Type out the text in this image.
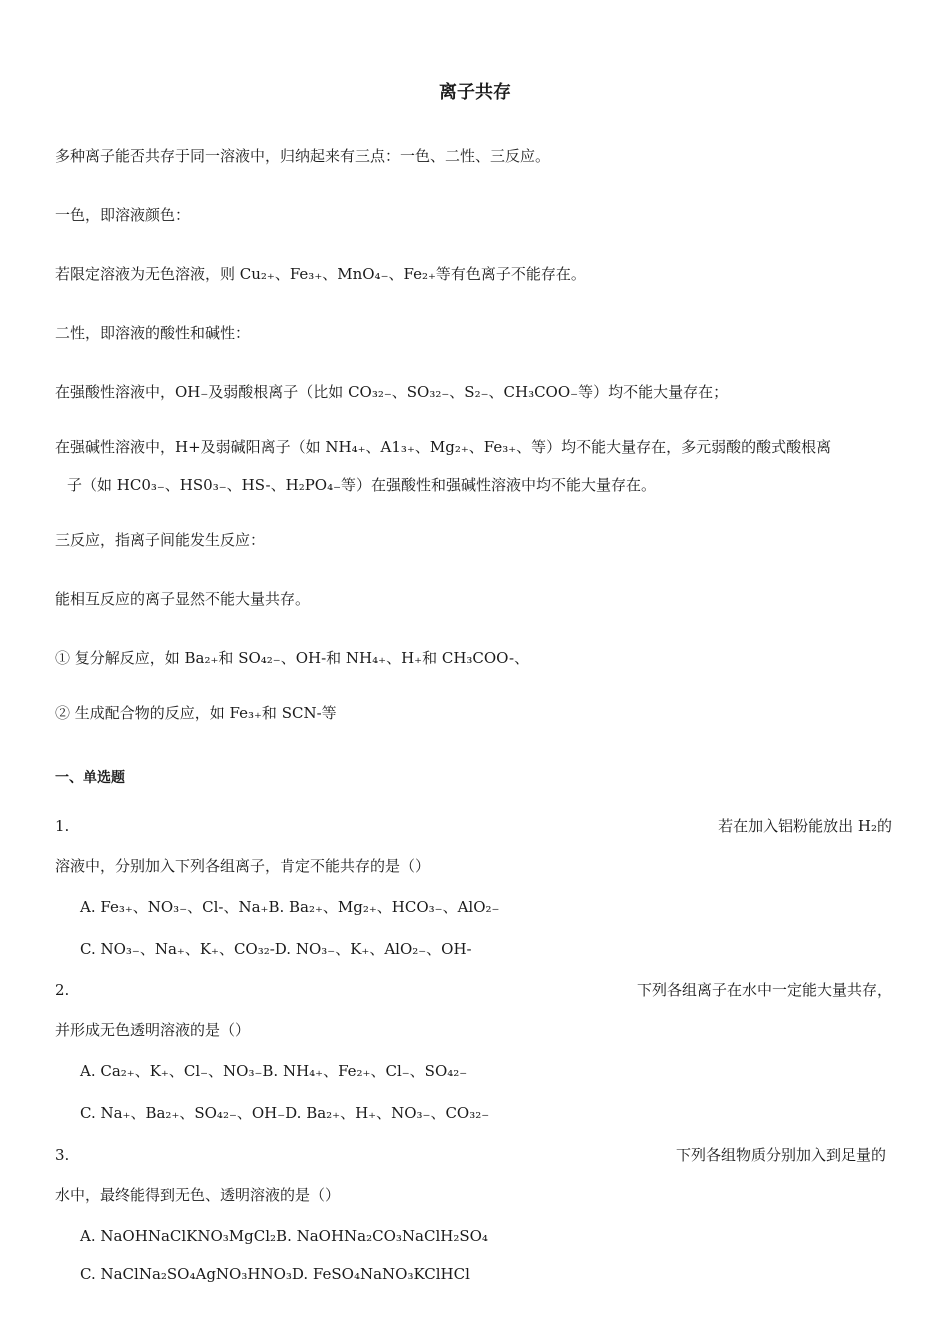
离子共存
多种离子能否共存于同一溶液中，归纳起来有三点：一色、二性、三反应。
一色，即溶液颜色：
若限定溶液为无色溶液，则 Cu₂₊、Fe₃₊、MnO₄₋、Fe₂₊等有色离子不能存在。
二性，即溶液的酸性和碱性：
在强酸性溶液中，OH₋及弱酸根离子（比如 CO₃₂₋、SO₃₂₋、S₂₋、CH₃COO₋等）均不能大量存在；
在强碱性溶液中，H+及弱碱阳离子（如 NH₄₊、A1₃₊、Mg₂₊、Fe₃₊、等）均不能大量存在，多元弱酸的酸式酸根离
子（如 HC0₃₋、HS0₃₋、HS-、H₂PO₄₋等）在强酸性和强碱性溶液中均不能大量存在。
三反应，指离子间能发生反应：
能相互反应的离子显然不能大量共存。
① 复分解反应，如 Ba₂₊和 SO₄₂₋、OH-和 NH₄₊、H₊和 CH₃COO-、
② 生成配合物的反应，如 Fe₃₊和 SCN-等
一、单选题
1.	若在加入铝粉能放出 H₂的
溶液中，分别加入下列各组离子，肯定不能共存的是（）
A. Fe₃₊、NO₃₋、Cl-、Na₊B. Ba₂₊、Mg₂₊、HCO₃₋、AlO₂₋
C. NO₃₋、Na₊、K₊、CO₃₂-D. NO₃₋、K₊、AlO₂₋、OH-
2.	下列各组离子在水中一定能大量共存，
并形成无色透明溶液的是（）
A. Ca₂₊、K₊、Cl₋、NO₃₋B. NH₄₊、Fe₂₊、Cl₋、SO₄₂₋
C. Na₊、Ba₂₊、SO₄₂₋、OH₋D. Ba₂₊、H₊、NO₃₋、CO₃₂₋
3.	下列各组物质分别加入到足量的
水中，最终能得到无色、透明溶液的是（）
A. NaOHNaClKNO₃MgCl₂B. NaOHNa₂CO₃NaClH₂SO₄
C. NaClNa₂SO₄AgNO₃HNO₃D. FeSO₄NaNO₃KClHCl
